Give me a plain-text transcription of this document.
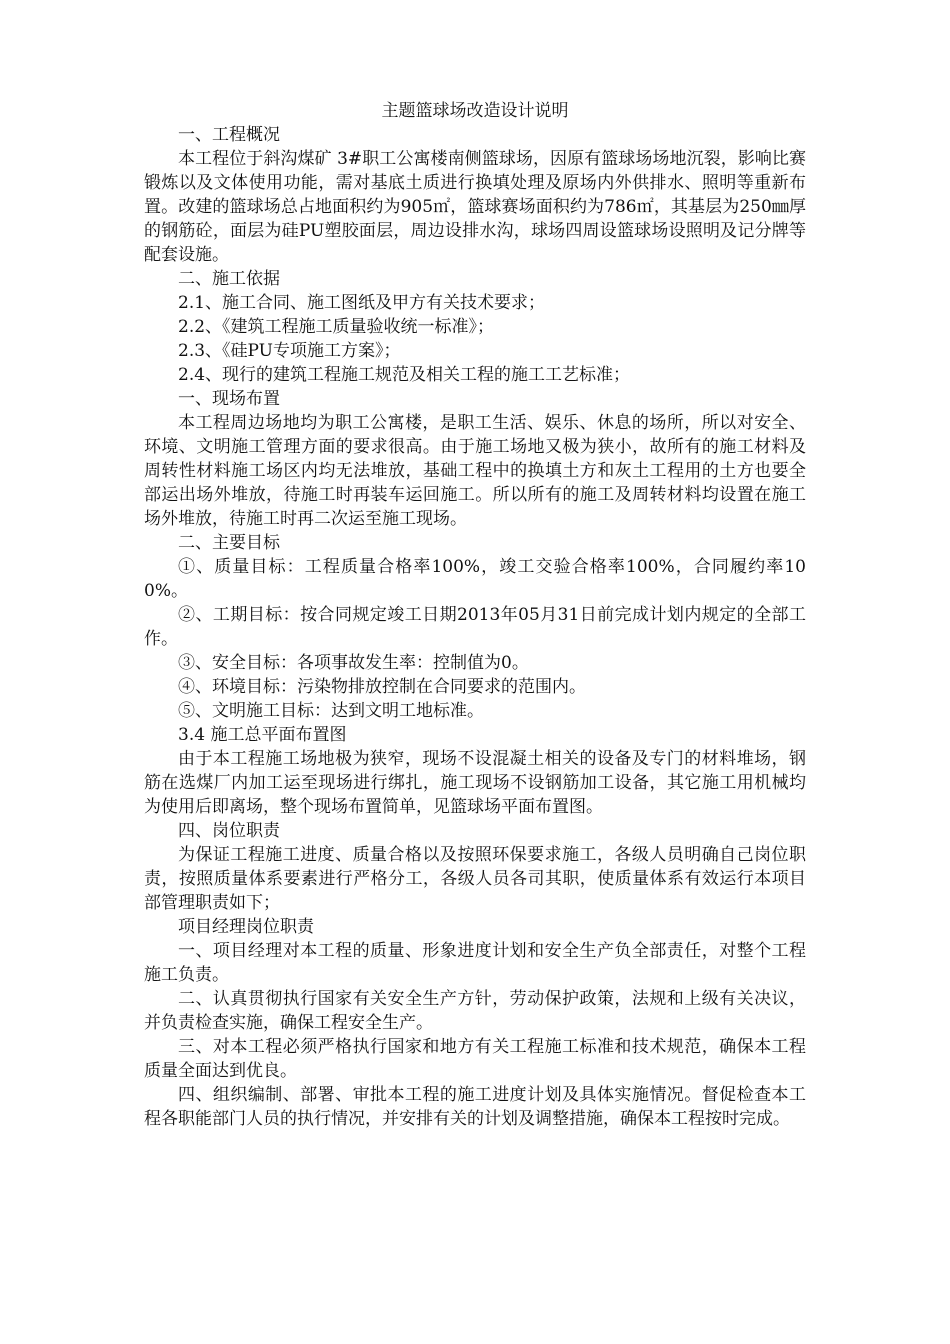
主题篮球场改造设计说明

一、工程概况

本工程位于斜沟煤矿 3#职工公寓楼南侧篮球场，因原有篮球场场地沉裂，影响比赛锻炼以及文体使用功能，需对基底土质进行换填处理及原场内外供排水、照明等重新布置。改建的篮球场总占地面积约为905㎡，篮球赛场面积约为786㎡，其基层为250㎜厚的钢筋砼，面层为硅PU塑胶面层，周边设排水沟，球场四周设篮球场设照明及记分牌等配套设施。

二、施工依据

2.1、施工合同、施工图纸及甲方有关技术要求；

2.2、《建筑工程施工质量验收统一标准》；

2.3、《硅PU专项施工方案》；

2.4、现行的建筑工程施工规范及相关工程的施工工艺标准；

一、现场布置

本工程周边场地均为职工公寓楼，是职工生活、娱乐、休息的场所，所以对安全、环境、文明施工管理方面的要求很高。由于施工场地又极为狭小，故所有的施工材料及周转性材料施工场区内均无法堆放，基础工程中的换填土方和灰土工程用的土方也要全部运出场外堆放，待施工时再装车运回施工。所以所有的施工及周转材料均设置在施工场外堆放，待施工时再二次运至施工现场。

二、主要目标

①、质量目标：工程质量合格率100%，竣工交验合格率100%，合同履约率100%。

②、工期目标：按合同规定竣工日期2013年05月31日前完成计划内规定的全部工作。

③、安全目标：各项事故发生率：控制值为0。

④、环境目标：污染物排放控制在合同要求的范围内。

⑤、文明施工目标：达到文明工地标准。

3.4 施工总平面布置图

由于本工程施工场地极为狭窄，现场不设混凝土相关的设备及专门的材料堆场，钢筋在选煤厂内加工运至现场进行绑扎，施工现场不设钢筋加工设备，其它施工用机械均为使用后即离场，整个现场布置简单，见篮球场平面布置图。

四、岗位职责

为保证工程施工进度、质量合格以及按照环保要求施工，各级人员明确自己岗位职责，按照质量体系要素进行严格分工，各级人员各司其职，使质量体系有效运行本项目部管理职责如下；

项目经理岗位职责

一、项目经理对本工程的质量、形象进度计划和安全生产负全部责任，对整个工程施工负责。

二、认真贯彻执行国家有关安全生产方针，劳动保护政策，法规和上级有关决议，并负责检查实施，确保工程安全生产。

三、对本工程必须严格执行国家和地方有关工程施工标准和技术规范，确保本工程质量全面达到优良。

四、组织编制、部署、审批本工程的施工进度计划及具体实施情况。督促检查本工程各职能部门人员的执行情况，并安排有关的计划及调整措施，确保本工程按时完成。
